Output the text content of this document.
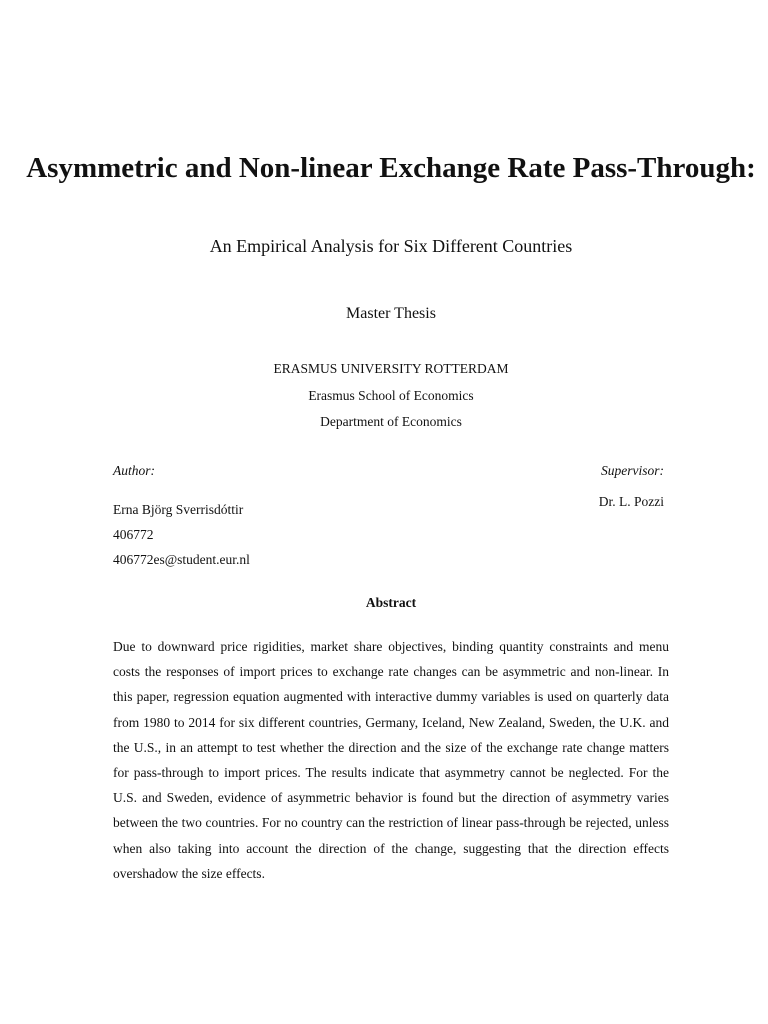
Asymmetric and Non-linear Exchange Rate Pass-Through:

An Empirical Analysis for Six Different Countries

Master Thesis

ERASMUS UNIVERSITY ROTTERDAM
Erasmus School of Economics
Department of Economics
Author:
Erna Björg Sverrisdóttir
406772
406772es@student.eur.nl
Supervisor:
Dr. L. Pozzi
Abstract

Due to downward price rigidities, market share objectives, binding quantity constraints and menu costs the responses of import prices to exchange rate changes can be asymmetric and non-linear. In this paper, regression equation augmented with interactive dummy variables is used on quarterly data from 1980 to 2014 for six different countries, Germany, Iceland, New Zealand, Sweden, the U.K. and the U.S., in an attempt to test whether the direction and the size of the exchange rate change matters for pass-through to import prices. The results indicate that asymmetry cannot be neglected. For the U.S. and Sweden, evidence of asymmetric behavior is found but the direction of asymmetry varies between the two countries. For no country can the restriction of linear pass-through be rejected, unless when also taking into account the direction of the change, suggesting that the direction effects overshadow the size effects.
